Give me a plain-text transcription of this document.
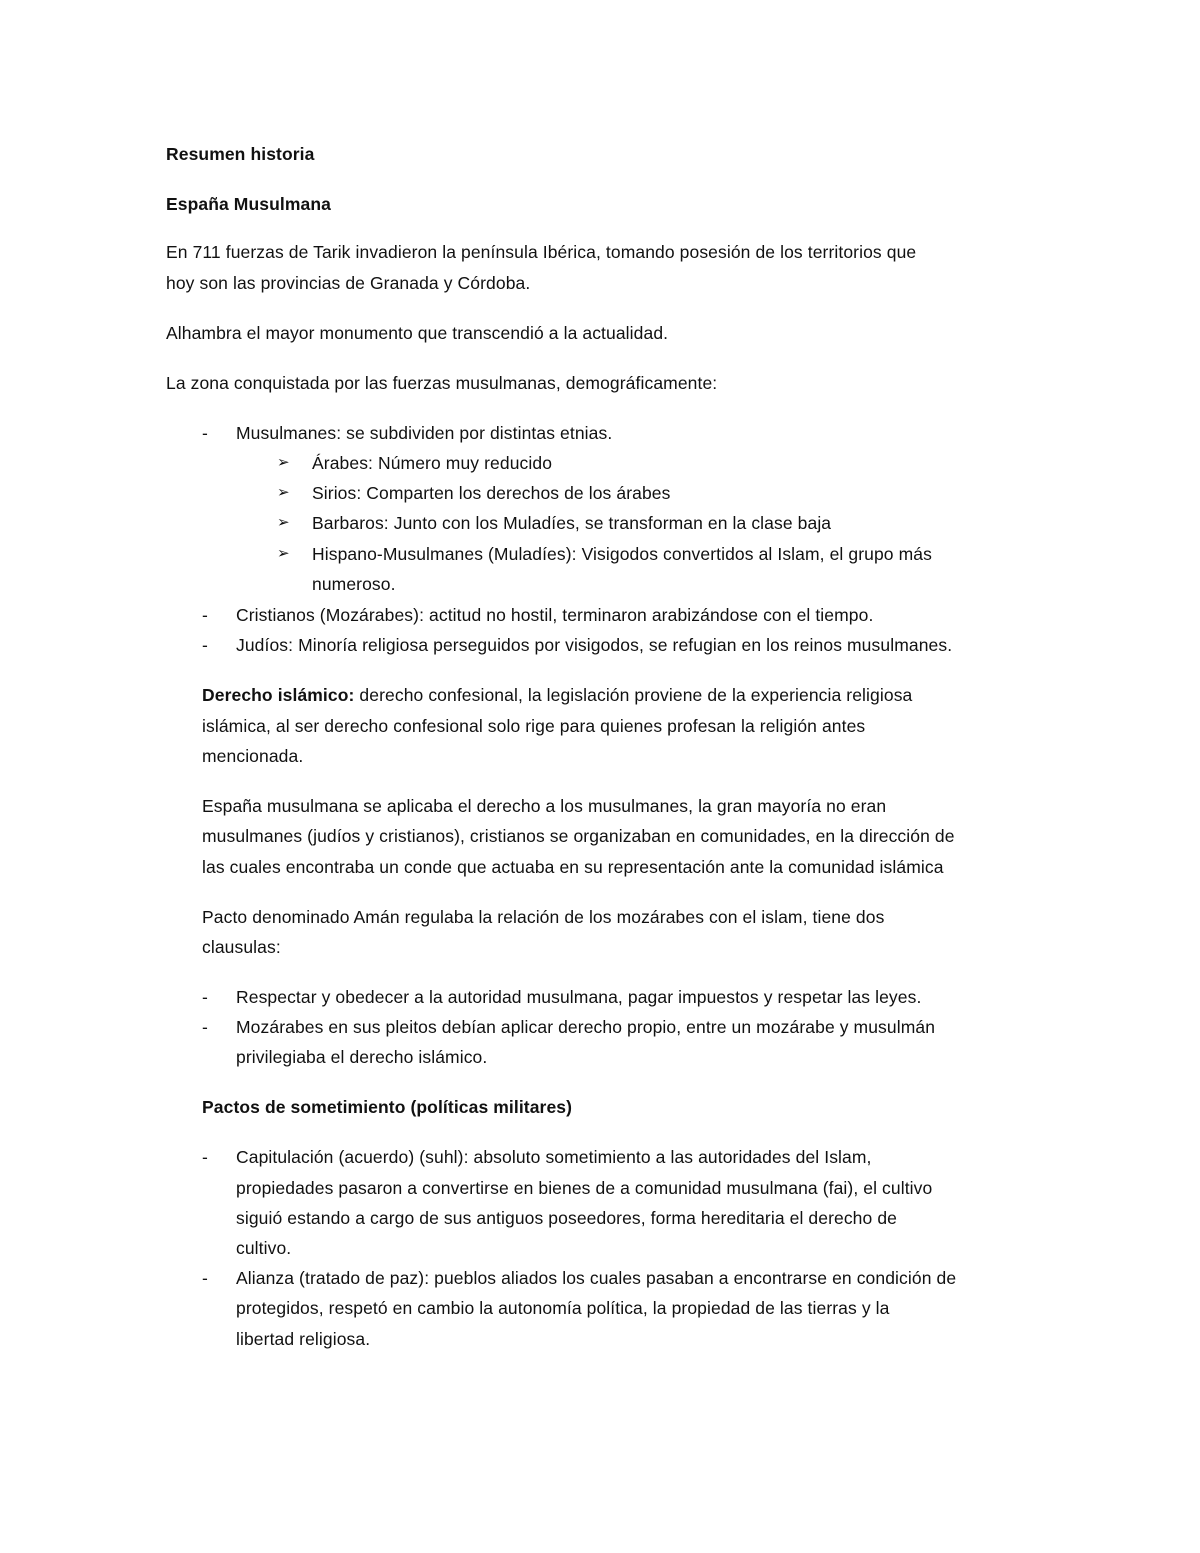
Resumen historia
España Musulmana
En 711 fuerzas de Tarik invadieron la península Ibérica, tomando posesión de los territorios que
hoy son las provincias de Granada y Córdoba.
Alhambra el mayor monumento que transcendió a la actualidad.
La zona conquistada por las fuerzas musulmanas, demográficamente:
- Musulmanes: se subdividen por distintas etnias.
➢ Árabes: Número muy reducido
➢ Sirios: Comparten los derechos de los árabes
➢ Barbaros: Junto con los Muladíes, se transforman en la clase baja
➢ Hispano-Musulmanes (Muladíes): Visigodos convertidos al Islam, el grupo más
numeroso.
- Cristianos (Mozárabes): actitud no hostil, terminaron arabizándose con el tiempo.
- Judíos: Minoría religiosa perseguidos por visigodos, se refugian en los reinos musulmanes.
Derecho islámico: derecho confesional, la legislación proviene de la experiencia religiosa
islámica, al ser derecho confesional solo rige para quienes profesan la religión antes
mencionada.
España musulmana se aplicaba el derecho a los musulmanes, la gran mayoría no eran
musulmanes (judíos y cristianos), cristianos se organizaban en comunidades, en la dirección de
las cuales encontraba un conde que actuaba en su representación ante la comunidad islámica
Pacto denominado Amán regulaba la relación de los mozárabes con el islam, tiene dos
clausulas:
- Respectar y obedecer a la autoridad musulmana, pagar impuestos y respetar las leyes.
- Mozárabes en sus pleitos debían aplicar derecho propio, entre un mozárabe y musulmán
privilegiaba el derecho islámico.
Pactos de sometimiento (políticas militares)
- Capitulación (acuerdo) (suhl): absoluto sometimiento a las autoridades del Islam,
propiedades pasaron a convertirse en bienes de a comunidad musulmana (fai), el cultivo
siguió estando a cargo de sus antiguos poseedores, forma hereditaria el derecho de
cultivo.
- Alianza (tratado de paz): pueblos aliados los cuales pasaban a encontrarse en condición de
protegidos, respetó en cambio la autonomía política, la propiedad de las tierras y la
libertad religiosa.
